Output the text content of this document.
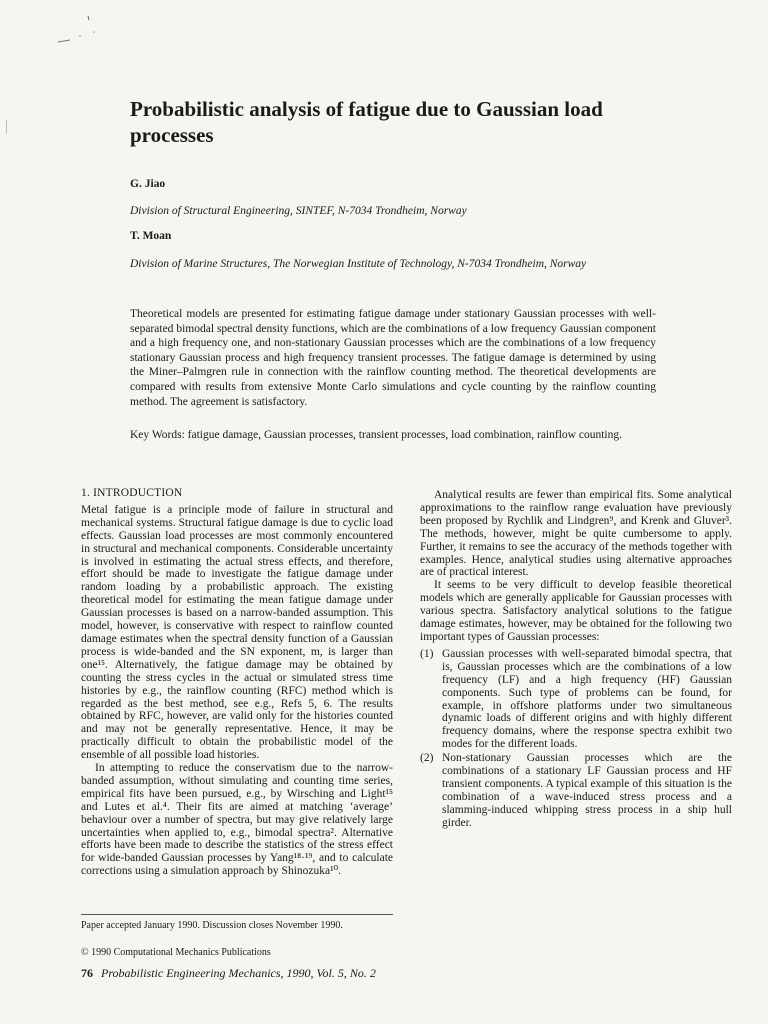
Probabilistic analysis of fatigue due to Gaussian load processes

G. Jiao

Division of Structural Engineering, SINTEF, N-7034 Trondheim, Norway

T. Moan

Division of Marine Structures, The Norwegian Institute of Technology, N-7034 Trondheim, Norway

Theoretical models are presented for estimating fatigue damage under stationary Gaussian processes with well-separated bimodal spectral density functions, which are the combinations of a low frequency Gaussian component and a high frequency one, and non-stationary Gaussian processes which are the combinations of a low frequency stationary Gaussian process and high frequency transient processes. The fatigue damage is determined by using the Miner–Palmgren rule in connection with the rainflow counting method. The theoretical developments are compared with results from extensive Monte Carlo simulations and cycle counting by the rainflow counting method. The agreement is satisfactory.

Key Words: fatigue damage, Gaussian processes, transient processes, load combination, rainflow counting.

1. INTRODUCTION

Metal fatigue is a principle mode of failure in structural and mechanical systems. Structural fatigue damage is due to cyclic load effects. Gaussian load processes are most commonly encountered in structural and mechanical components. Considerable uncertainty is involved in estimating the actual stress effects, and therefore, effort should be made to investigate the fatigue damage under random loading by a probabilistic approach. The existing theoretical model for estimating the mean fatigue damage under Gaussian processes is based on a narrow-banded assumption. This model, however, is conservative with respect to rainflow counted damage estimates when the spectral density function of a Gaussian process is wide-banded and the SN exponent, m, is larger than one¹⁵. Alternatively, the fatigue damage may be obtained by counting the stress cycles in the actual or simulated stress time histories by e.g., the rainflow counting (RFC) method which is regarded as the best method, see e.g., Refs 5, 6. The results obtained by RFC, however, are valid only for the histories counted and may not be generally representative. Hence, it may be practically difficult to obtain the probabilistic model of the ensemble of all possible load histories.

In attempting to reduce the conservatism due to the narrow-banded assumption, without simulating and counting time series, empirical fits have been pursued, e.g., by Wirsching and Light¹⁵ and Lutes et al.⁴. Their fits are aimed at matching ‘average’ behaviour over a number of spectra, but may give relatively large uncertainties when applied to, e.g., bimodal spectra². Alternative efforts have been made to describe the statistics of the stress effect for wide-banded Gaussian processes by Yang¹⁸·¹⁹, and to calculate corrections using a simulation approach by Shinozuka¹⁰.

Analytical results are fewer than empirical fits. Some analytical approximations to the rainflow range evaluation have previously been proposed by Rychlik and Lindgren⁹, and Krenk and Gluver³. The methods, however, might be quite cumbersome to apply. Further, it remains to see the accuracy of the methods together with examples. Hence, analytical studies using alternative approaches are of practical interest.

It seems to be very difficult to develop feasible theoretical models which are generally applicable for Gaussian processes with various spectra. Satisfactory analytical solutions to the fatigue damage estimates, however, may be obtained for the following two important types of Gaussian processes:

(1) Gaussian processes with well-separated bimodal spectra, that is, Gaussian processes which are the combinations of a low frequency (LF) and a high frequency (HF) Gaussian components. Such type of problems can be found, for example, in offshore platforms under two simultaneous dynamic loads of different origins and with highly different frequency domains, where the response spectra exhibit two modes for the different loads.
(2) Non-stationary Gaussian processes which are the combinations of a stationary LF Gaussian process and HF transient components. A typical example of this situation is the combination of a wave-induced stress process and a slamming-induced whipping stress process in a ship hull girder.

Paper accepted January 1990. Discussion closes November 1990.

© 1990 Computational Mechanics Publications

76 Probabilistic Engineering Mechanics, 1990, Vol. 5, No. 2
